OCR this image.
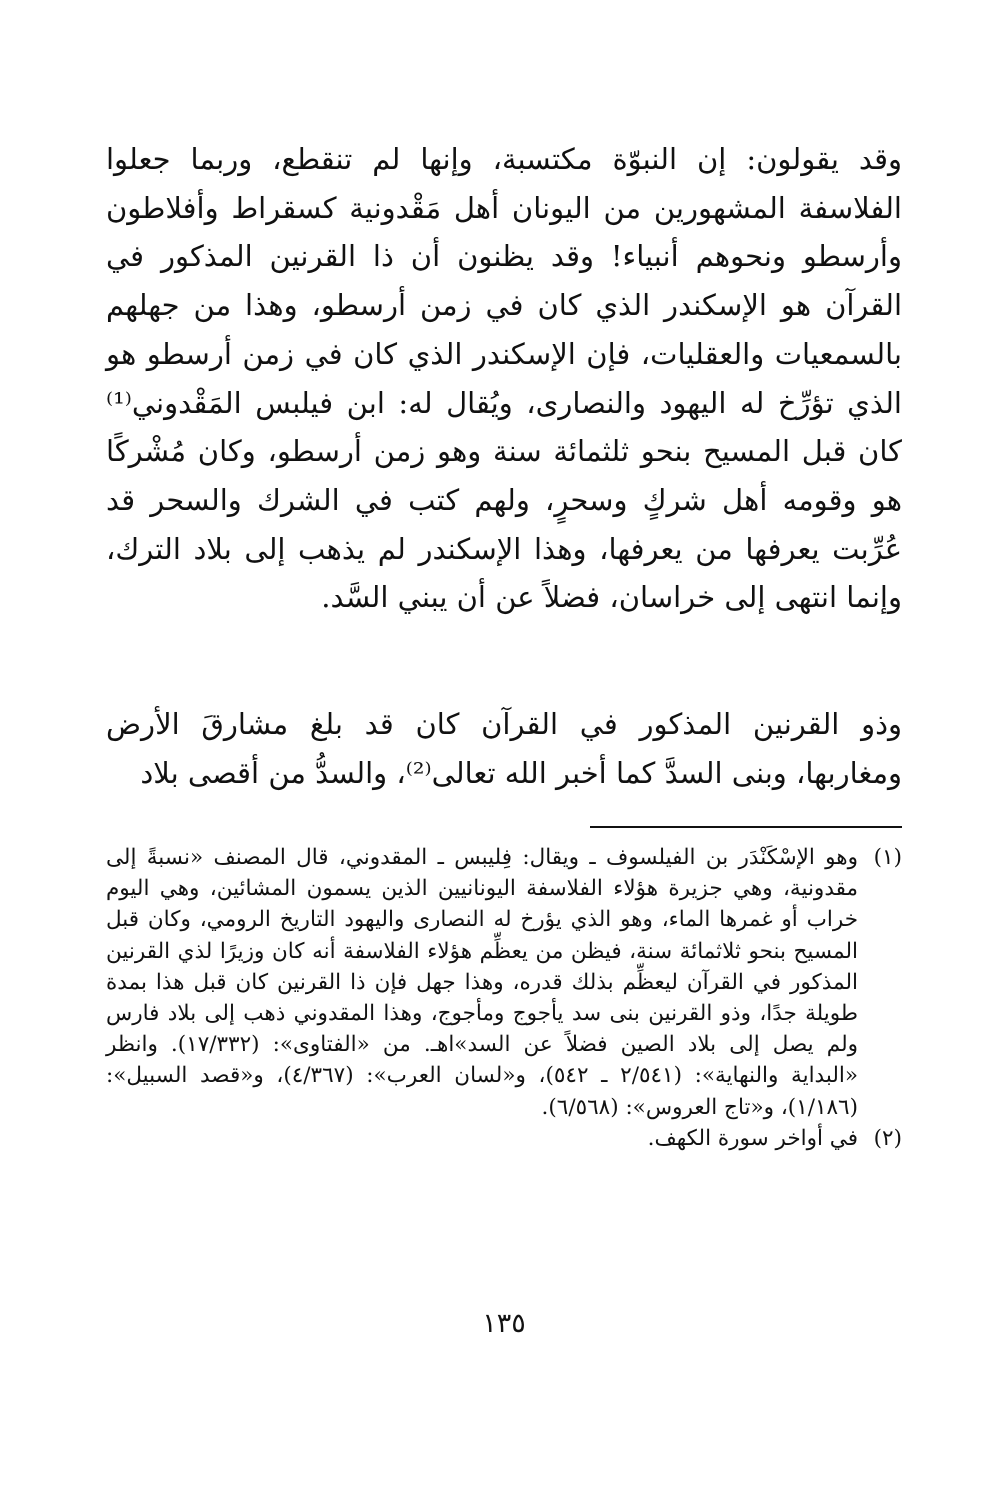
وقد يقولون: إن النبوّة مكتسبة، وإنها لم تنقطع، وربما جعلوا الفلاسفة المشهورين من اليونان أهل مَقْدونية كسقراط وأفلاطون وأرسطو ونحوهم أنبياء! وقد يظنون أن ذا القرنين المذكور في القرآن هو الإسكندر الذي كان في زمن أرسطو، وهذا من جهلهم بالسمعيات والعقليات، فإن الإسكندر الذي كان في زمن أرسطو هو الذي تؤرِّخ له اليهود والنصارى، ويُقال له: ابن فيلبس المَقْدوني⁽¹⁾ كان قبل المسيح بنحو ثلثمائة سنة وهو زمن أرسطو، وكان مُشْركًا هو وقومه أهل شركٍ وسحرٍ، ولهم كتب في الشرك والسحر قد عُرِّبت يعرفها من يعرفها، وهذا الإسكندر لم يذهب إلى بلاد الترك، وإنما انتهى إلى خراسان، فضلاً عن أن يبني السَّد.

وذو القرنين المذكور في القرآن كان قد بلغ مشارقَ الأرض ومغاربها، وبنى السدَّ كما أخبر الله تعالى⁽²⁾، والسدُّ من أقصى بلاد

(١)
وهو الإسْكَنْدَر بن الفيلسوف ـ ويقال: فِليبس ـ المقدوني، قال المصنف «نسبةً إلى مقدونية، وهي جزيرة هؤلاء الفلاسفة اليونانيين الذين يسمون المشائين، وهي اليوم خراب أو غمرها الماء، وهو الذي يؤرخ له النصارى واليهود التاريخ الرومي، وكان قبل المسيح بنحو ثلاثمائة سنة، فيظن من يعظِّم هؤلاء الفلاسفة أنه كان وزيرًا لذي القرنين المذكور في القرآن ليعظِّم بذلك قدره، وهذا جهل فإن ذا القرنين كان قبل هذا بمدة طويلة جدًا، وذو القرنين بنى سد يأجوج ومأجوج، وهذا المقدوني ذهب إلى بلاد فارس ولم يصل إلى بلاد الصين فضلاً عن السد»اهـ. من «الفتاوى»: (١٧/٣٣٢). وانظر «البداية والنهاية»: (٢/٥٤١ ـ ٥٤٢)، و«لسان العرب»: (٤/٣٦٧)، و«قصد السبيل»: (١/١٨٦)، و«تاج العروس»: (٦/٥٦٨).
(٢)
في أواخر سورة الكهف.
١٣٥
